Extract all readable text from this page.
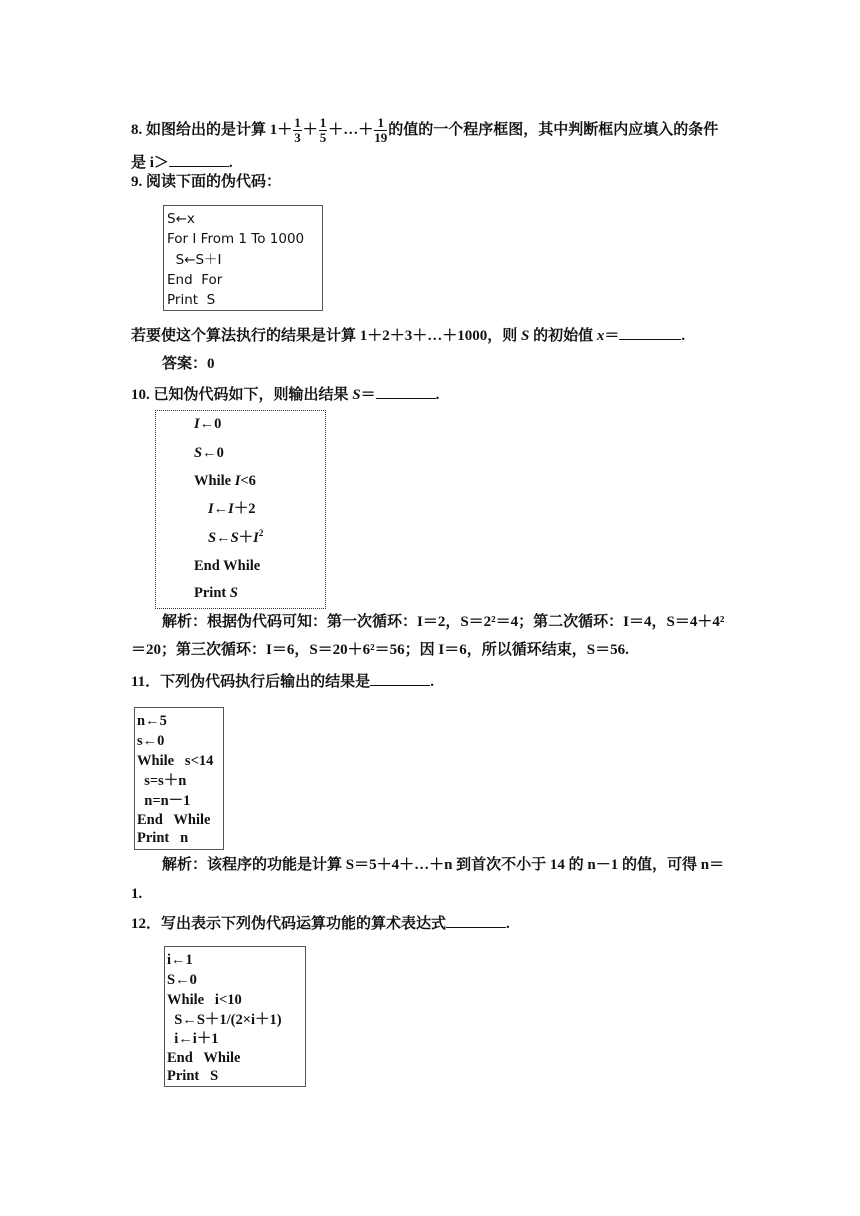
8. 如图给出的是计算 $1+ \frac{1}{3} + \frac{1}{5}$ ＋…＋ $\frac{1}{19}$ 的值的一个程序框图，其中判断框内应填入的条件
是 i＞	.
9. 阅读下面的伪代码：
S←x
For I From 1 To 1000
S←S＋I
End  For
Print  S
若要使这个算法执行的结果是计算 1＋2＋3＋…＋1000，则 S 的初始值 x＝	.
答案：0
10. 已知伪代码如下，则输出结果 S＝	.
I←0
S←0
While I<6
I←I＋2
$S\leftarrow S+I^2$
End While
Print S
解析：根据伪代码可知：第一次循环：I＝2，S＝2²＝4；第二次循环：I＝4，S＝4＋4²
＝20；第三次循环：I＝6，S＝20＋6²＝56；因 I＝6，所以循环结束，S＝56.
11．下列伪代码执行后输出的结果是	.
n←5
s←0
While   s<14
s=s＋n
n=n－1
End   While
Print   n
解析：该程序的功能是计算 S＝5＋4＋…＋n 到首次不小于 14 的 n－1 的值，可得 n＝
1.
12．写出表示下列伪代码运算功能的算术表达式	.
i←1
S←0
While   i<10
S←S＋1/(2×i＋1)
i←i＋1
End   While
Print   S
